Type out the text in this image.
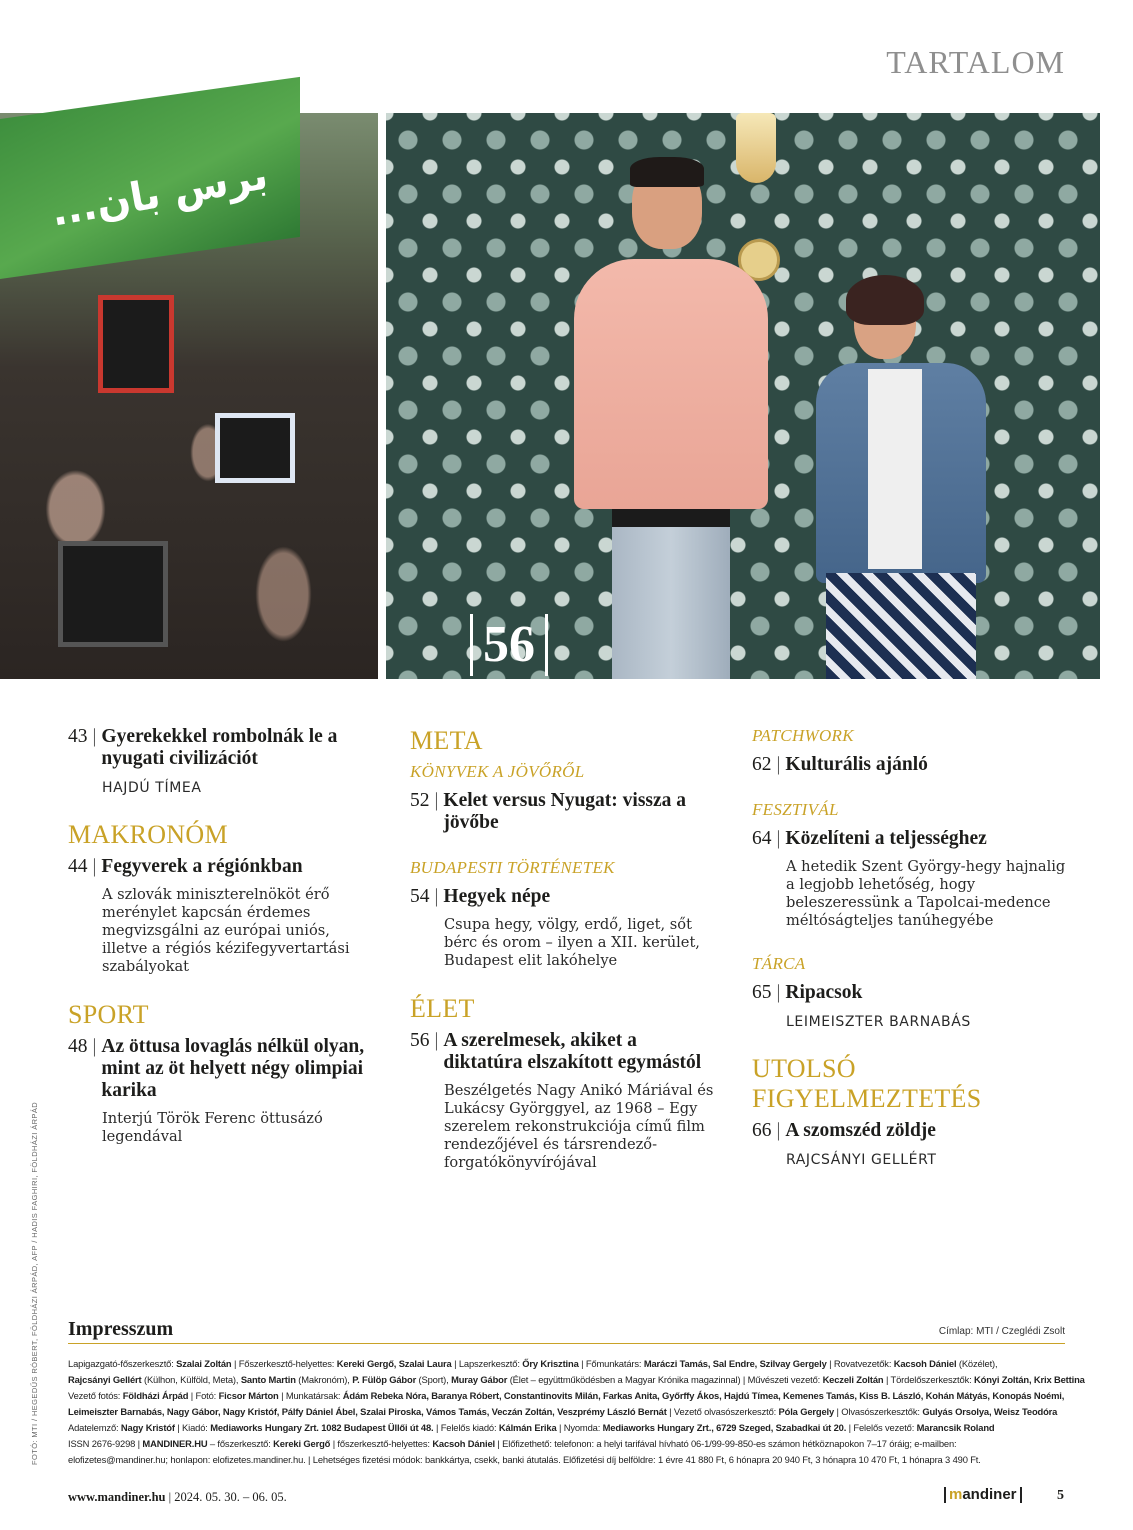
TARTALOM
...برس بان
56
43 | Gyerekekkel rombolnák le a nyugati civilizációt
HAJDÚ TÍMEA
MAKRONÓM
44 | Fegyverek a régiónkban
A szlovák miniszterelnököt érő merénylet kapcsán érdemes megvizsgálni az európai uniós, illetve a régiós kézifegyvertartási szabályokat
SPORT
48 | Az öttusa lovaglás nélkül olyan, mint az öt helyett négy olimpiai karika
Interjú Török Ferenc öttusázó legendával
META
KÖNYVEK A JÖVŐRŐL
52 | Kelet versus Nyugat: vissza a jövőbe
BUDAPESTI TÖRTÉNETEK
54 | Hegyek népe
Csupa hegy, völgy, erdő, liget, sőt bérc és orom – ilyen a XII. kerület, Budapest elit lakóhelye
ÉLET
56 | A szerelmesek, akiket a diktatúra elszakított egymástól
Beszélgetés Nagy Anikó Máriával és Lukácsy Györggyel, az 1968 – Egy szerelem rekonstrukciója című film rendezőjével és társrendező-forgatókönyvírójával
PATCHWORK
62 | Kulturális ajánló
FESZTIVÁL
64 | Közelíteni a teljességhez
A hetedik Szent György-hegy hajnalig a legjobb lehetőség, hogy beleszeressünk a Tapolcai-medence méltóságteljes tanúhegyébe
TÁRCA
65 | Ripacsok
LEIMEISZTER BARNABÁS
UTOLSÓ FIGYELMEZTETÉS
66 | A szomszéd zöldje
RAJCSÁNYI GELLÉRT
Impresszum	Címlap: MTI / Czeglédi Zsolt

Lapigazgató-főszerkesztő: Szalai Zoltán | Főszerkesztő-helyettes: Kereki Gergő, Szalai Laura | Lapszerkesztő: Őry Krisztina | Főmunkatárs: Maráczi Tamás, Sal Endre, Szilvay Gergely | Rovatvezetők: Kacsoh Dániel (Közélet),

Rajcsányi Gellért (Külhon, Külföld, Meta), Santo Martin (Makronóm), P. Fülöp Gábor (Sport), Muray Gábor (Élet – együttműködésben a Magyar Krónika magazinnal) | Művészeti vezető: Keczeli Zoltán | Tördelőszerkesztők: Kónyi Zoltán, Krix Bettina

Vezető fotós: Földházi Árpád | Fotó: Ficsor Márton | Munkatársak: Ádám Rebeka Nóra, Baranya Róbert, Constantinovits Milán, Farkas Anita, Győrffy Ákos, Hajdú Tímea, Kemenes Tamás, Kiss B. László, Kohán Mátyás, Konopás Noémi,

Leimeiszter Barnabás, Nagy Gábor, Nagy Kristóf, Pálfy Dániel Ábel, Szalai Piroska, Vámos Tamás, Veczán Zoltán, Veszprémy László Bernát | Vezető olvasószerkesztő: Póla Gergely | Olvasószerkesztők: Gulyás Orsolya, Weisz Teodóra

Adatelemző: Nagy Kristóf | Kiadó: Mediaworks Hungary Zrt. 1082 Budapest Üllői út 48. | Felelős kiadó: Kálmán Erika | Nyomda: Mediaworks Hungary Zrt., 6729 Szeged, Szabadkai út 20. | Felelős vezető: Marancsik Roland

ISSN 2676-9298 | MANDINER.HU – főszerkesztő: Kereki Gergő | főszerkesztő-helyettes: Kacsoh Dániel | Előfizethető: telefonon: a helyi tarifával hívható 06-1/99-99-850-es számon hétköznapokon 7–17 óráig; e-mailben:

elofizetes@mandiner.hu; honlapon: elofizetes.mandiner.hu. | Lehetséges fizetési módok: bankkártya, csekk, banki átutalás. Előfizetési díj belföldre: 1 évre 41 880 Ft, 6 hónapra 20 940 Ft, 3 hónapra 10 470 Ft, 1 hónapra 3 490 Ft.

FOTÓ: MTI / HEGEDŰS RÓBERT, FÖLDHÁZI ÁRPÁD, AFP / HADIS FAGHIRI, FÖLDHÁZI ÁRPÁD
www.mandiner.hu | 2024. 05. 30. – 06. 05.	mandiner	5
